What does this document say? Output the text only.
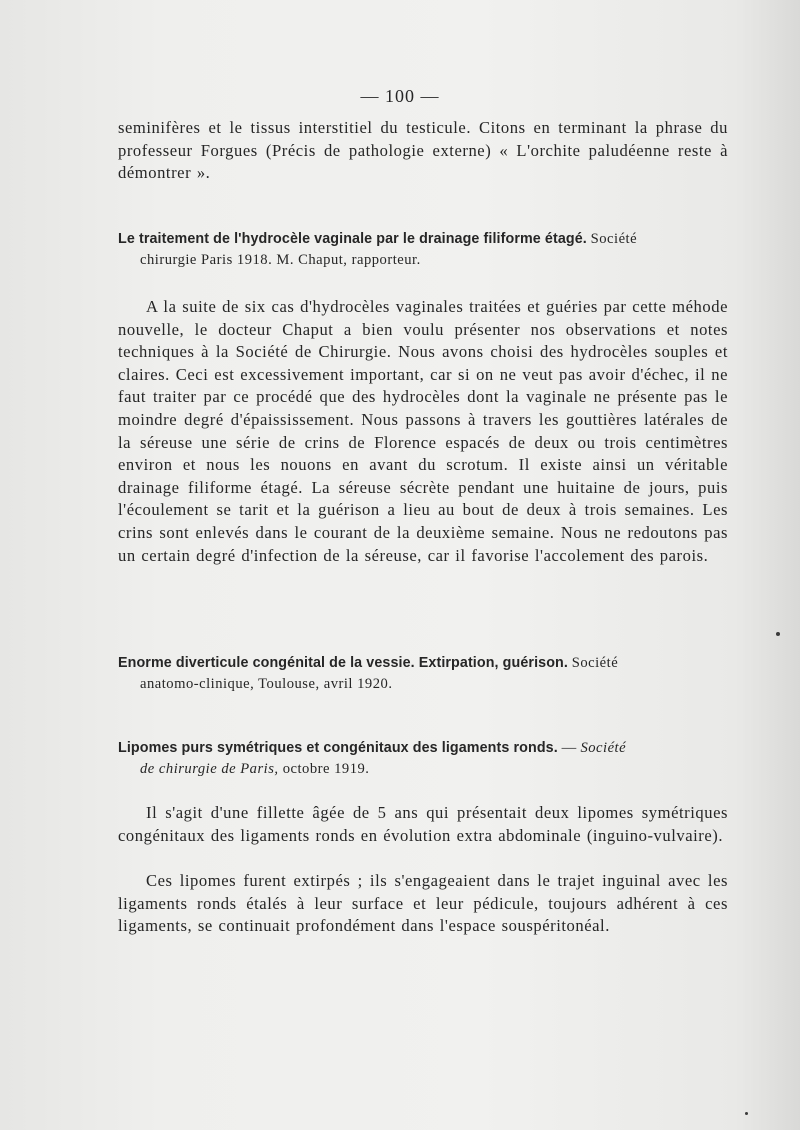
— 100 —

seminifères et le tissus interstitiel du testicule. Citons en terminant la phrase du professeur Forgues (Précis de pathologie externe) « L'orchite paludéenne reste à démontrer ».

Le traitement de l'hydrocèle vaginale par le drainage filiforme étagé. Société
chirurgie Paris 1918. M. Chaput, rapporteur.

A la suite de six cas d'hydrocèles vaginales traitées et guéries par cette méhode nouvelle, le docteur Chaput a bien voulu présenter nos observations et notes techniques à la Société de Chirurgie. Nous avons choisi des hydrocèles souples et claires. Ceci est excessivement important, car si on ne veut pas avoir d'échec, il ne faut traiter par ce procédé que des hydrocèles dont la vaginale ne présente pas le moindre degré d'épaississement. Nous passons à travers les gouttières latérales de la séreuse une série de crins de Florence espacés de deux ou trois centimètres environ et nous les nouons en avant du scrotum. Il existe ainsi un véritable drainage filiforme étagé. La séreuse sécrète pendant une huitaine de jours, puis l'écoulement se tarit et la guérison a lieu au bout de deux à trois semaines. Les crins sont enlevés dans le courant de la deuxième semaine. Nous ne redoutons pas un certain degré d'infection de la séreuse, car il favorise l'accolement des parois.

Enorme diverticule congénital de la vessie. Extirpation, guérison. Société
anatomo-clinique, Toulouse, avril 1920.
Lipomes purs symétriques et congénitaux des ligaments ronds. — Société
de chirurgie de Paris, octobre 1919.

Il s'agit d'une fillette âgée de 5 ans qui présentait deux lipomes symétriques congénitaux des ligaments ronds en évolution extra abdominale (inguino-vulvaire).

Ces lipomes furent extirpés ; ils s'engageaient dans le trajet inguinal avec les ligaments ronds étalés à leur surface et leur pédicule, toujours adhérent à ces ligaments, se continuait profondément dans l'espace souspéritonéal.
